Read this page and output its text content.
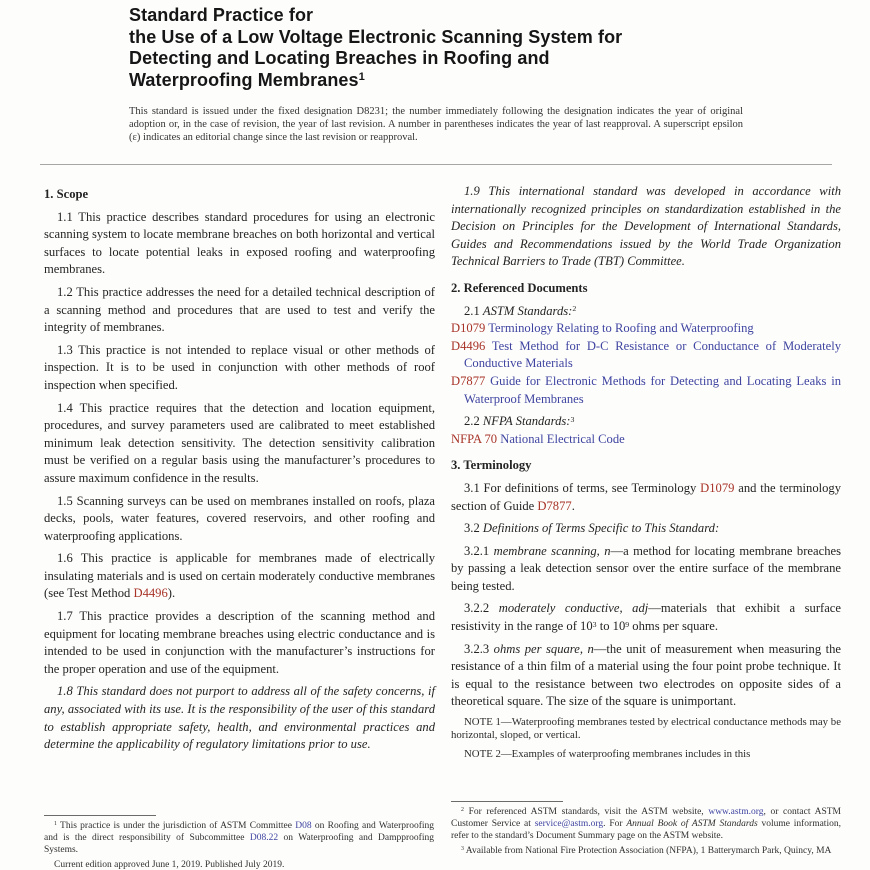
Standard Practice for
the Use of a Low Voltage Electronic Scanning System for
Detecting and Locating Breaches in Roofing and
Waterproofing Membranes$^1$
This standard is issued under the fixed designation D8231; the number immediately following the designation indicates the year of original adoption or, in the case of revision, the year of last revision. A number in parentheses indicates the year of last reapproval. A superscript epsilon (ε) indicates an editorial change since the last revision or reapproval.
1. Scope
1.1 This practice describes standard procedures for using an electronic scanning system to locate membrane breaches on both horizontal and vertical surfaces to locate potential leaks in exposed roofing and waterproofing membranes.
1.2 This practice addresses the need for a detailed technical description of a scanning method and procedures that are used to test and verify the integrity of membranes.
1.3 This practice is not intended to replace visual or other methods of inspection. It is to be used in conjunction with other methods of roof inspection when specified.
1.4 This practice requires that the detection and location equipment, procedures, and survey parameters used are calibrated to meet established minimum leak detection sensitivity. The detection sensitivity calibration must be verified on a regular basis using the manufacturer’s procedures to assure maximum confidence in the results.
1.5 Scanning surveys can be used on membranes installed on roofs, plaza decks, pools, water features, covered reservoirs, and other roofing and waterproofing applications.
1.6 This practice is applicable for membranes made of electrically insulating materials and is used on certain moderately conductive membranes (see Test Method D4496).
1.7 This practice provides a description of the scanning method and equipment for locating membrane breaches using electric conductance and is intended to be used in conjunction with the manufacturer’s instructions for the proper operation and use of the equipment.
1.8 This standard does not purport to address all of the safety concerns, if any, associated with its use. It is the responsibility of the user of this standard to establish appropriate safety, health, and environmental practices and determine the applicability of regulatory limitations prior to use.
1.9 This international standard was developed in accordance with internationally recognized principles on standardization established in the Decision on Principles for the Development of International Standards, Guides and Recommendations issued by the World Trade Organization Technical Barriers to Trade (TBT) Committee.
2. Referenced Documents
2.1 ASTM Standards:$^2$
D1079 Terminology Relating to Roofing and Waterproofing
D4496 Test Method for D-C Resistance or Conductance of Moderately Conductive Materials
D7877 Guide for Electronic Methods for Detecting and Locating Leaks in Waterproof Membranes
2.2 NFPA Standards:$^3$
NFPA 70 National Electrical Code
3. Terminology
3.1 For definitions of terms, see Terminology D1079 and the terminology section of Guide D7877.
3.2 Definitions of Terms Specific to This Standard:
3.2.1 membrane scanning, n—a method for locating membrane breaches by passing a leak detection sensor over the entire surface of the membrane being tested.
3.2.2 moderately conductive, adj—materials that exhibit a surface resistivity in the range of $10^3$ to $10^9$ ohms per square.
3.2.3 ohms per square, n—the unit of measurement when measuring the resistance of a thin film of a material using the four point probe technique. It is equal to the resistance between two electrodes on opposite sides of a theoretical square. The size of the square is unimportant.
NOTE 1—Waterproofing membranes tested by electrical conductance methods may be horizontal, sloped, or vertical.
NOTE 2—Examples of waterproofing membranes includes in this
$^1$ This practice is under the jurisdiction of ASTM Committee D08 on Roofing and Waterproofing and is the direct responsibility of Subcommittee D08.22 on Waterproofing and Dampproofing Systems.
Current edition approved June 1, 2019. Published July 2019.
$^2$ For referenced ASTM standards, visit the ASTM website, www.astm.org, or contact ASTM Customer Service at service@astm.org. For Annual Book of ASTM Standards volume information, refer to the standard’s Document Summary page on the ASTM website.
$^3$ Available from National Fire Protection Association (NFPA), 1 Batterymarch Park, Quincy, MA
